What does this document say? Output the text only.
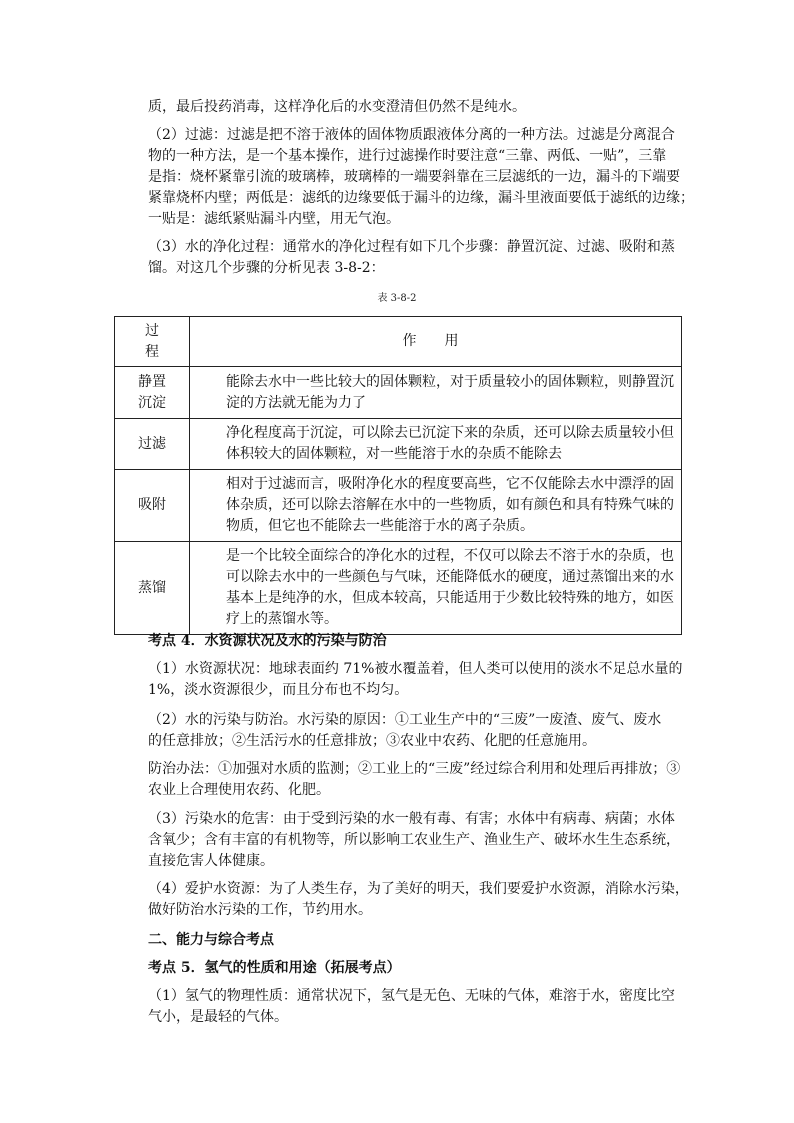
质，最后投药消毒，这样净化后的水变澄清但仍然不是纯水。

（2）过滤：过滤是把不溶于液体的固体物质跟液体分离的一种方法。过滤是分离混合
物的一种方法，是一个基本操作，进行过滤操作时要注意“三靠、两低、一贴”，三靠
是指：烧杯紧靠引流的玻璃棒，玻璃棒的一端要斜靠在三层滤纸的一边，漏斗的下端要
紧靠烧杯内壁；两低是：滤纸的边缘要低于漏斗的边缘，漏斗里液面要低于滤纸的边缘；
一贴是：滤纸紧贴漏斗内壁，用无气泡。

（3）水的净化过程：通常水的净化过程有如下几个步骤：静置沉淀、过滤、吸附和蒸
馏。对这几个步骤的分析见表 3-8-2：

表 3-8-2
过
程	作　　用

静置
沉淀	能除去水中一些比较大的固体颗粒，对于质量较小的固体颗粒，则静置沉
淀的方法就无能为力了

过滤	净化程度高于沉淀，可以除去已沉淀下来的杂质，还可以除去质量较小但
体积较大的固体颗粒，对一些能溶于水的杂质不能除去

吸附	相对于过滤而言，吸附净化水的程度要高些，它不仅能除去水中漂浮的固
体杂质，还可以除去溶解在水中的一些物质，如有颜色和具有特殊气味的
物质，但它也不能除去一些能溶于水的离子杂质。

蒸馏	是一个比较全面综合的净化水的过程，不仅可以除去不溶于水的杂质，也
可以除去水中的一些颜色与气味，还能降低水的硬度，通过蒸馏出来的水
基本上是纯净的水，但成本较高，只能适用于少数比较特殊的地方，如医
疗上的蒸馏水等。

考点 4．水资源状况及水的污染与防治

（1）水资源状况：地球表面约 71%被水覆盖着，但人类可以使用的淡水不足总水量的
1%，淡水资源很少，而且分布也不均匀。

（2）水的污染与防治。水污染的原因：①工业生产中的“三废”一废渣、废气、废水
的任意排放；②生活污水的任意排放；③农业中农药、化肥的任意施用。

防治办法：①加强对水质的监测；②工业上的“三废”经过综合利用和处理后再排放；③
农业上合理使用农药、化肥。

（3）污染水的危害：由于受到污染的水一般有毒、有害；水体中有病毒、病菌；水体
含氧少；含有丰富的有机物等，所以影响工农业生产、渔业生产、破坏水生生态系统，
直接危害人体健康。

（4）爱护水资源：为了人类生存，为了美好的明天，我们要爱护水资源，消除水污染，
做好防治水污染的工作，节约用水。

二、能力与综合考点

考点 5．氢气的性质和用途（拓展考点）

（1）氢气的物理性质：通常状况下，氢气是无色、无味的气体，难溶于水，密度比空
气小，是最轻的气体。
